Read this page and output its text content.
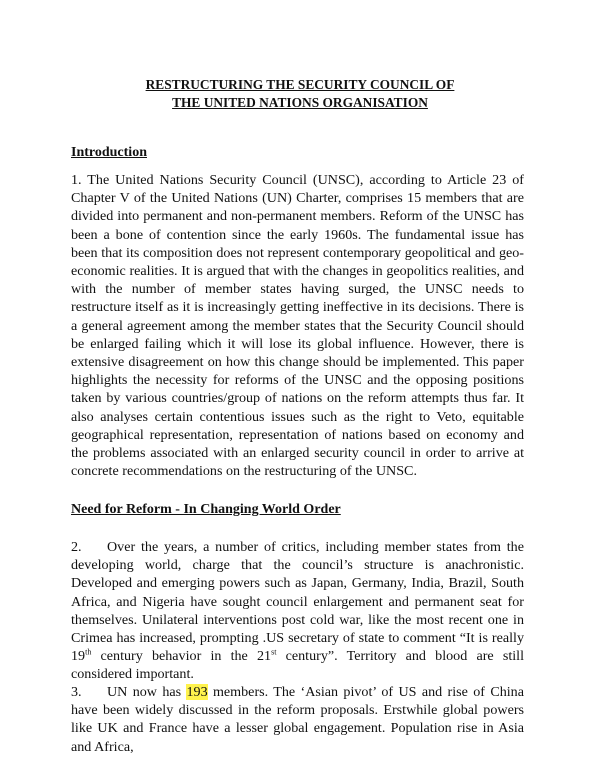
RESTRUCTURING THE SECURITY COUNCIL OF
THE UNITED NATIONS ORGANISATION
Introduction

1. The United Nations Security Council (UNSC), according to Article 23 of Chapter V of the United Nations (UN) Charter, comprises 15 members that are divided into permanent and non-permanent members. Reform of the UNSC has been a bone of contention since the early 1960s. The fundamental issue has been that its composition does not represent contemporary geopolitical and geo-economic realities. It is argued that with the changes in geopolitics realities, and with the number of member states having surged, the UNSC needs to restructure itself as it is increasingly getting ineffective in its decisions. There is a general agreement among the member states that the Security Council should be enlarged failing which it will lose its global influence. However, there is extensive disagreement on how this change should be implemented. This paper highlights the necessity for reforms of the UNSC and the opposing positions taken by various countries/group of nations on the reform attempts thus far. It also analyses certain contentious issues such as the right to Veto, equitable geographical representation, representation of nations based on economy and the problems associated with an enlarged security council in order to arrive at concrete recommendations on the restructuring of the UNSC.

Need for Reform - In Changing World Order

2. Over the years, a number of critics, including member states from the developing world, charge that the council’s structure is anachronistic. Developed and emerging powers such as Japan, Germany, India, Brazil, South Africa, and Nigeria have sought council enlargement and permanent seat for themselves. Unilateral interventions post cold war, like the most recent one in Crimea has increased, prompting .US secretary of state to comment “It is really 19th century behavior in the 21st century”. Territory and blood are still considered important.

3. UN now has 193 members. The ‘Asian pivot’ of US and rise of China have been widely discussed in the reform proposals. Erstwhile global powers like UK and France have a lesser global engagement. Population rise in Asia and Africa,
